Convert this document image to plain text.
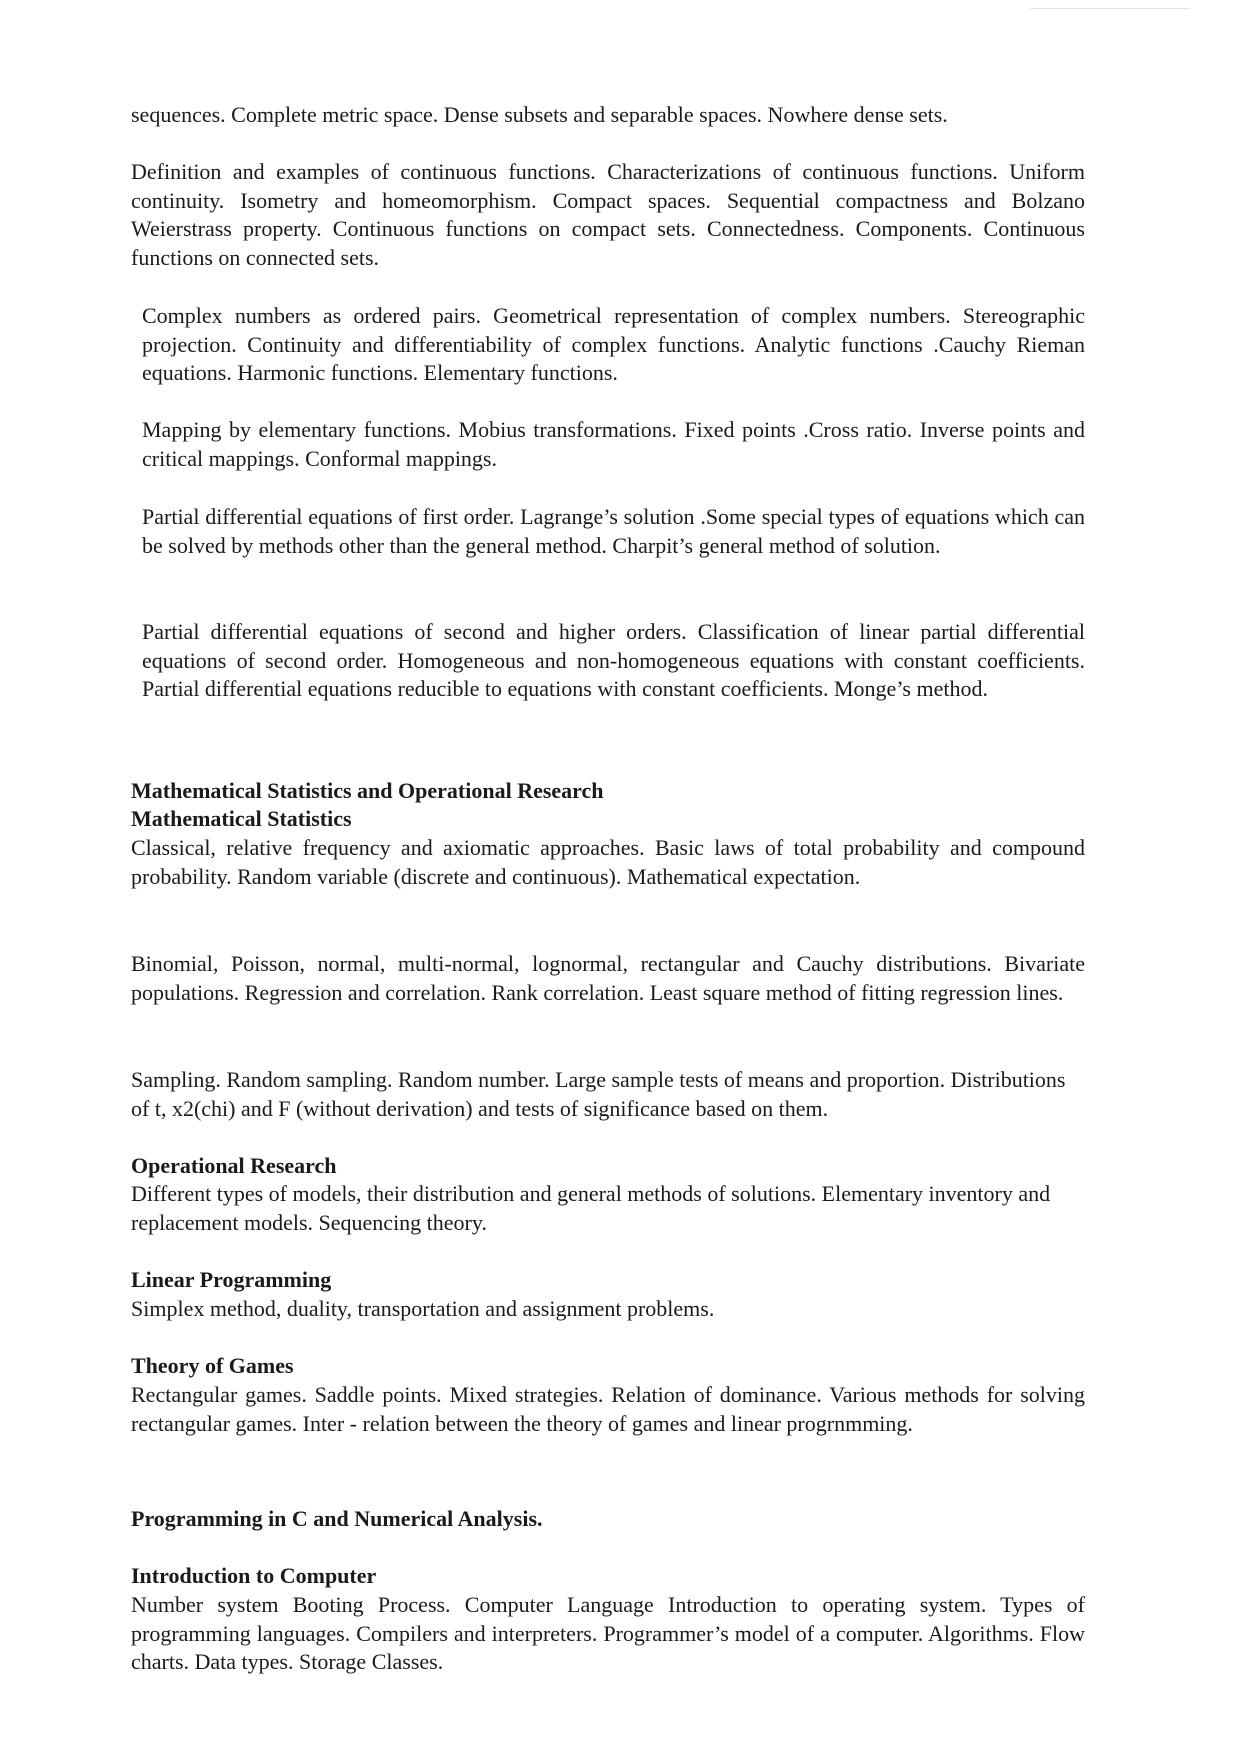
sequences. Complete metric space. Dense subsets and separable spaces. Nowhere dense sets.

Definition and examples of continuous functions. Characterizations of continuous functions. Uniform continuity. Isometry and homeomorphism. Compact spaces. Sequential compactness and Bolzano Weierstrass property. Continuous functions on compact sets. Connectedness. Components. Continuous functions on connected sets.

Complex numbers as ordered pairs. Geometrical representation of complex numbers. Stereographic projection. Continuity and differentiability of complex functions. Analytic functions .Cauchy Rieman equations. Harmonic functions. Elementary functions.

Mapping by elementary functions. Mobius transformations. Fixed points .Cross ratio. Inverse points and critical mappings. Conformal mappings.

Partial differential equations of first order. Lagrange’s solution .Some special types of equations which can be solved by methods other than the general method. Charpit’s general method of solution.

Partial differential equations of second and higher orders. Classification of linear partial differential equations of second order. Homogeneous and non-homogeneous equations with constant coefficients. Partial differential equations reducible to equations with constant coefficients. Monge’s method.

Mathematical Statistics and Operational Research

Mathematical Statistics

Classical, relative frequency and axiomatic approaches. Basic laws of total probability and compound probability. Random variable (discrete and continuous). Mathematical expectation.

Binomial, Poisson, normal, multi-normal, lognormal, rectangular and Cauchy distributions. Bivariate populations. Regression and correlation. Rank correlation. Least square method of fitting regression lines.

Sampling. Random sampling. Random number. Large sample tests of means and proportion. Distributions of t, x2(chi) and F (without derivation) and tests of significance based on them.

Operational Research

Different types of models, their distribution and general methods of solutions. Elementary inventory and replacement models. Sequencing theory.

Linear Programming

Simplex method, duality, transportation and assignment problems.

Theory of Games

Rectangular games. Saddle points. Mixed strategies. Relation of dominance. Various methods for solving rectangular games. Inter - relation between the theory of games and linear progrnmming.

Programming in C and Numerical Analysis.

Introduction to Computer

Number system Booting Process. Computer Language Introduction to operating system. Types of programming languages. Compilers and interpreters. Programmer’s model of a computer. Algorithms. Flow charts. Data types. Storage Classes.
